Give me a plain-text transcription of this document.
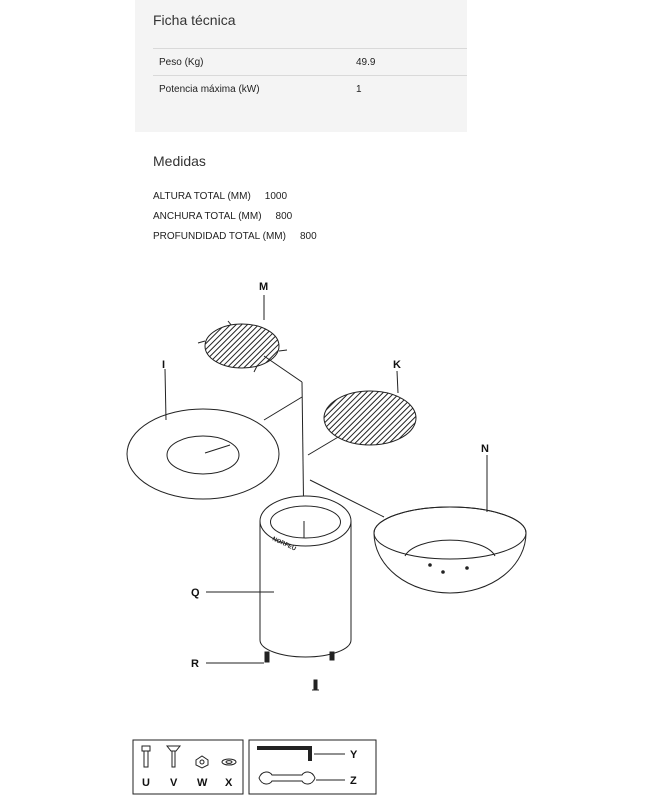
Ficha técnica
Peso (Kg)	49.9
Potencia máxima (kW)	1
Medidas
ALTURA TOTAL (MM) 1000
ANCHURA TOTAL (MM) 800
PROFUNDIDAD TOTAL (MM) 800
NORFEU
M
I	K
N
Q
R
U V W X
Y
Z
